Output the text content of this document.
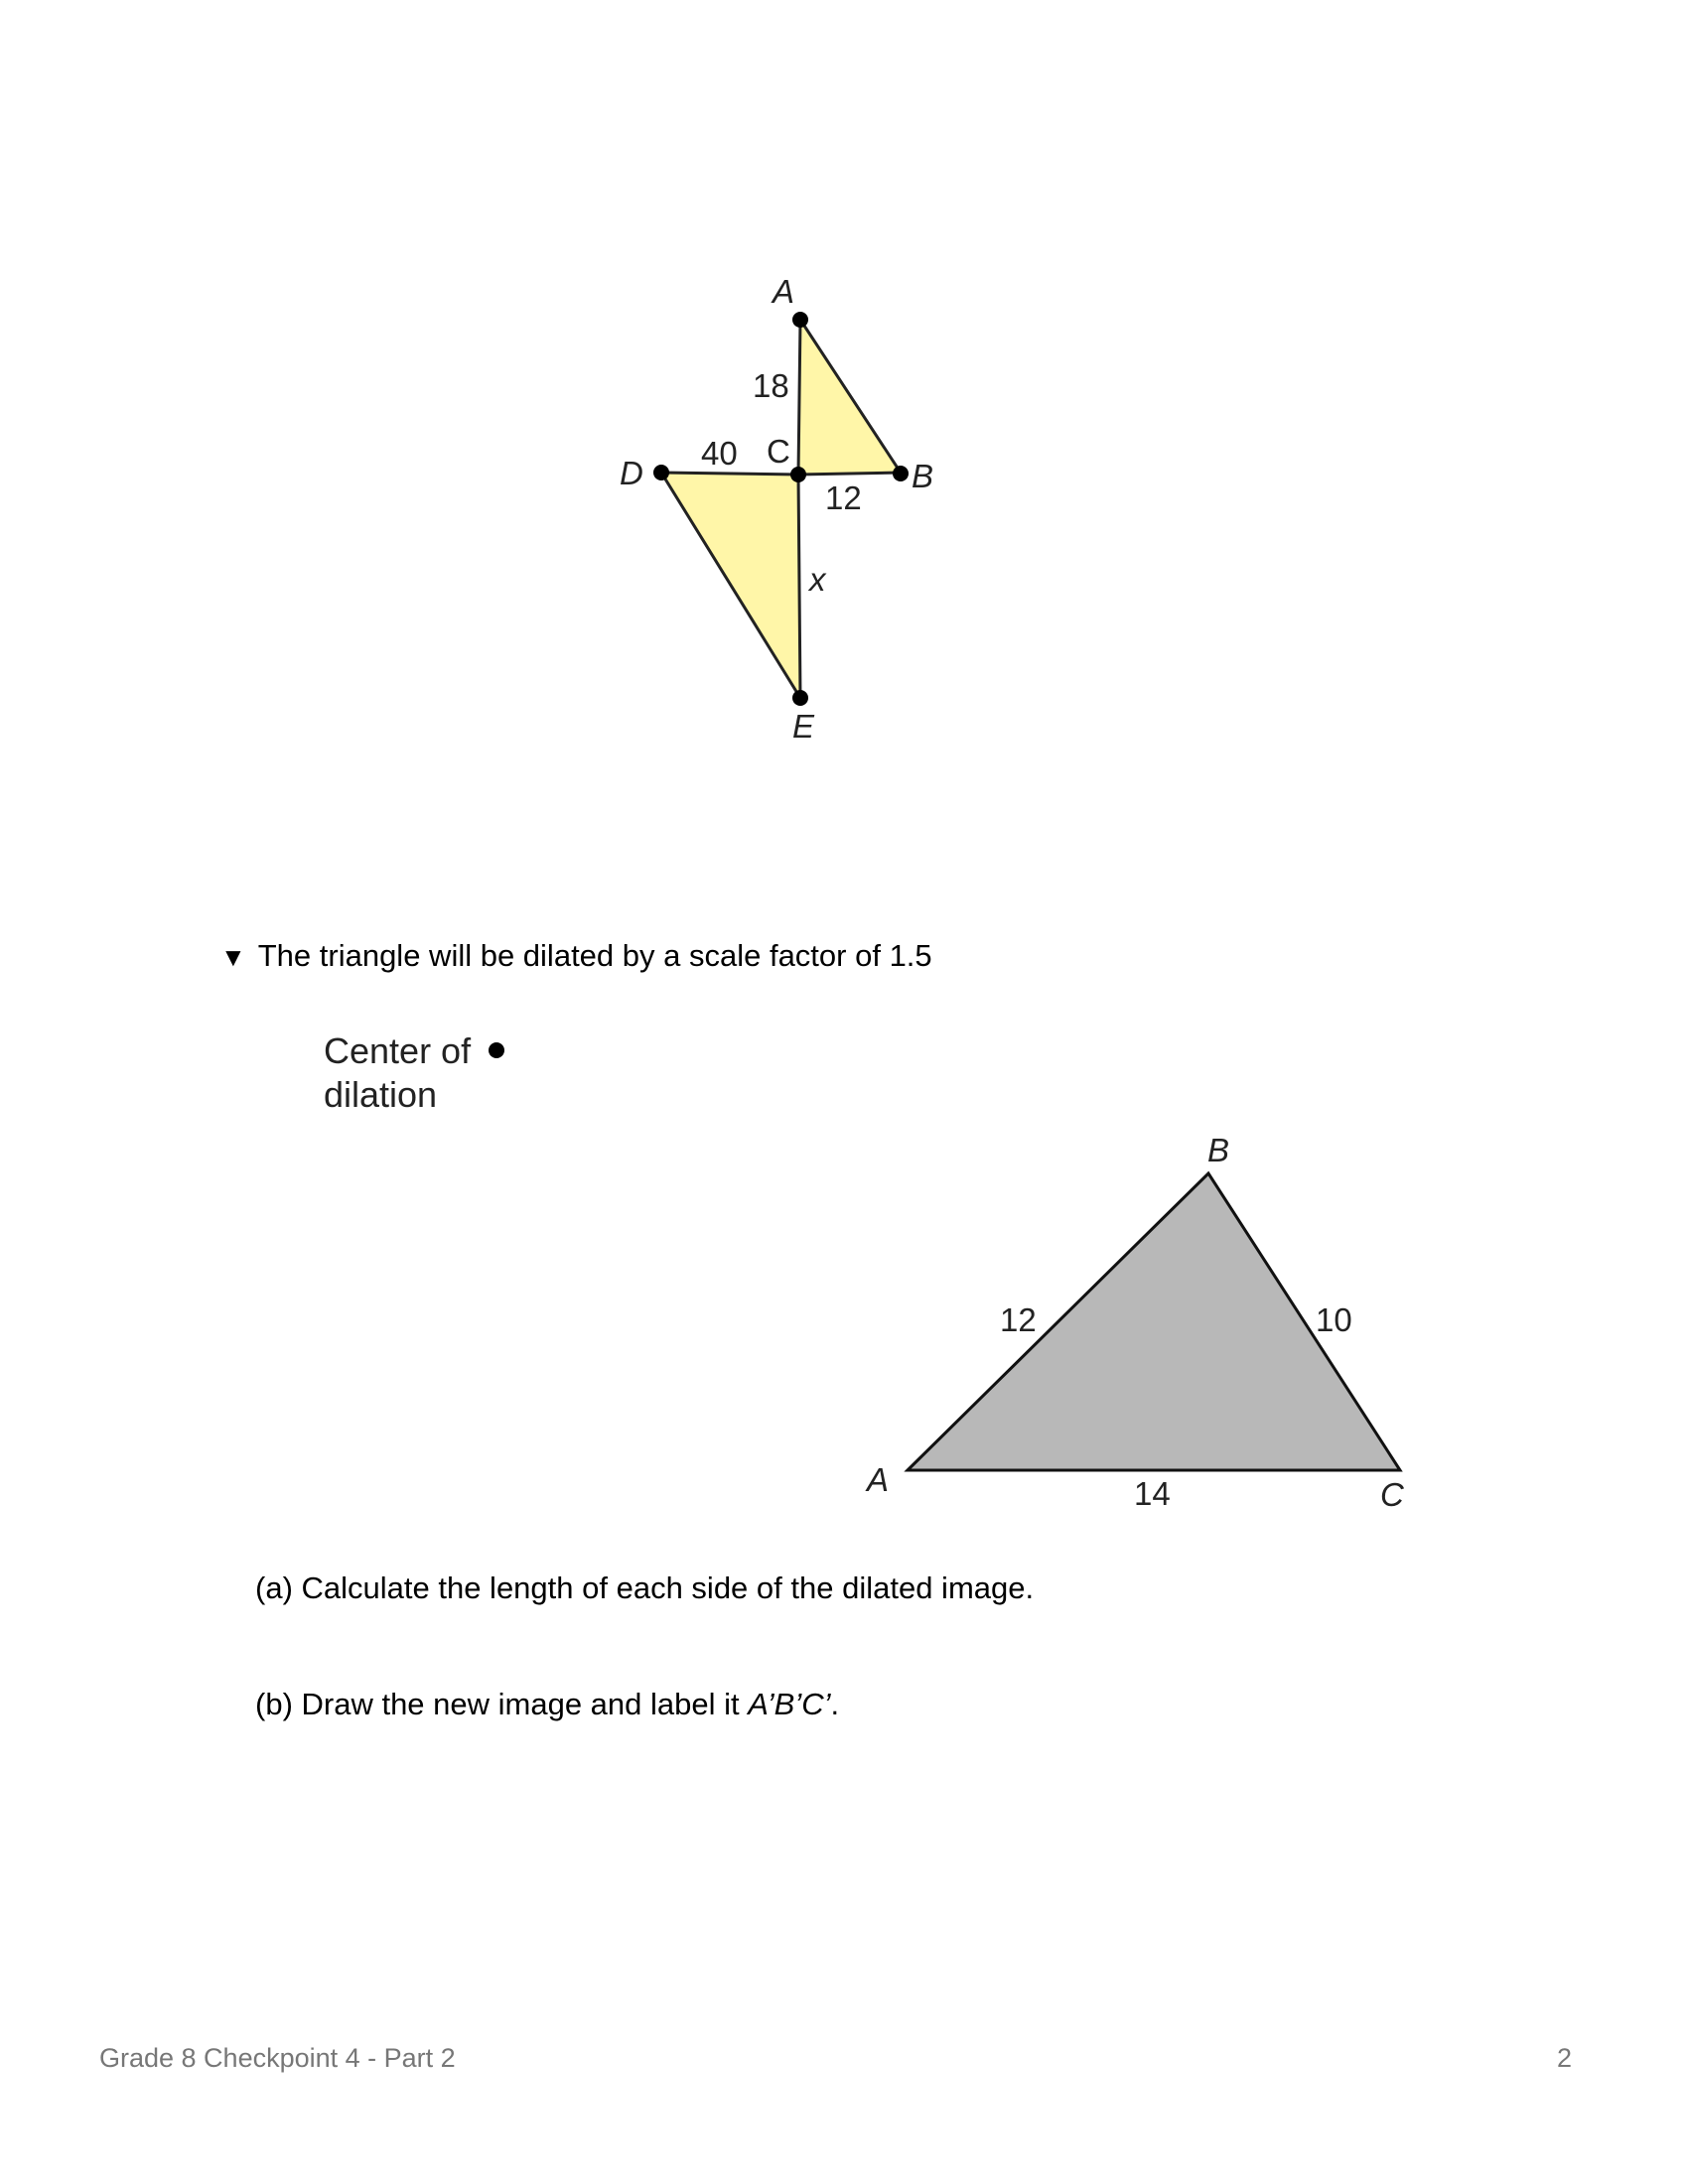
A
B
C
D
E
18
40
12
x
B
A	C
12	10
14
▼ The triangle will be dilated by a scale factor of 1.5
Center of
dilation
(a) Calculate the length of each side of the dilated image.
(b) Draw the new image and label it A’B’C’.
Grade 8 Checkpoint 4 - Part 2	2
